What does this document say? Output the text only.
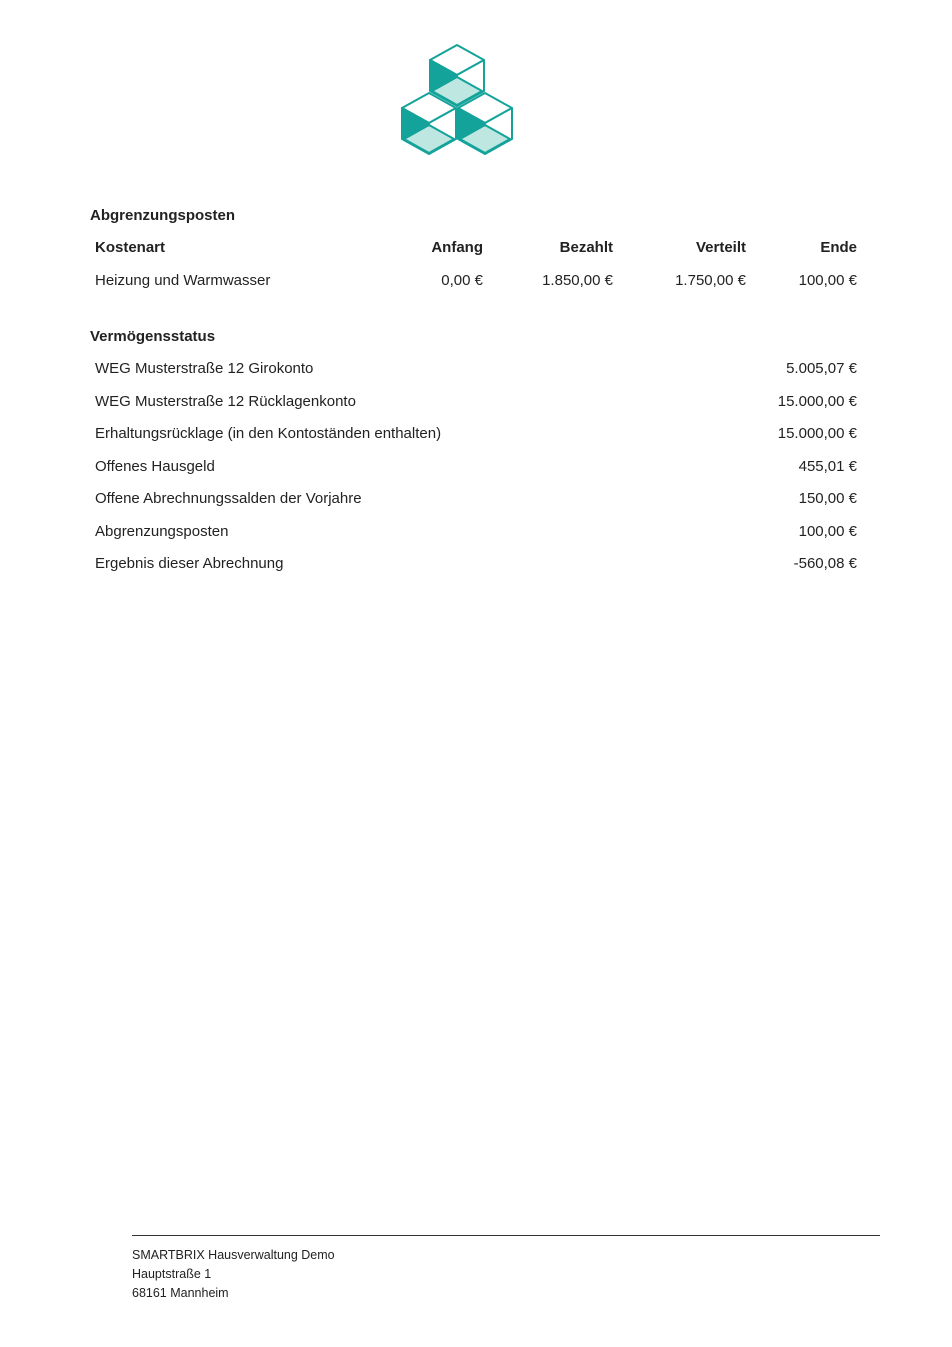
Abgrenzungsposten
Kostenart	Anfang	Bezahlt	Verteilt	Ende
Heizung und Warmwasser	0,00 €	1.850,00 €	1.750,00 €	100,00 €
Vermögensstatus
WEG Musterstraße 12 Girokonto	5.005,07 €
WEG Musterstraße 12 Rücklagenkonto	15.000,00 €
Erhaltungsrücklage (in den Kontoständen enthalten)	15.000,00 €
Offenes Hausgeld	455,01 €
Offene Abrechnungssalden der Vorjahre	150,00 €
Abgrenzungsposten	100,00 €
Ergebnis dieser Abrechnung	-560,08 €
SMARTBRIX Hausverwaltung Demo
Hauptstraße 1
68161 Mannheim
